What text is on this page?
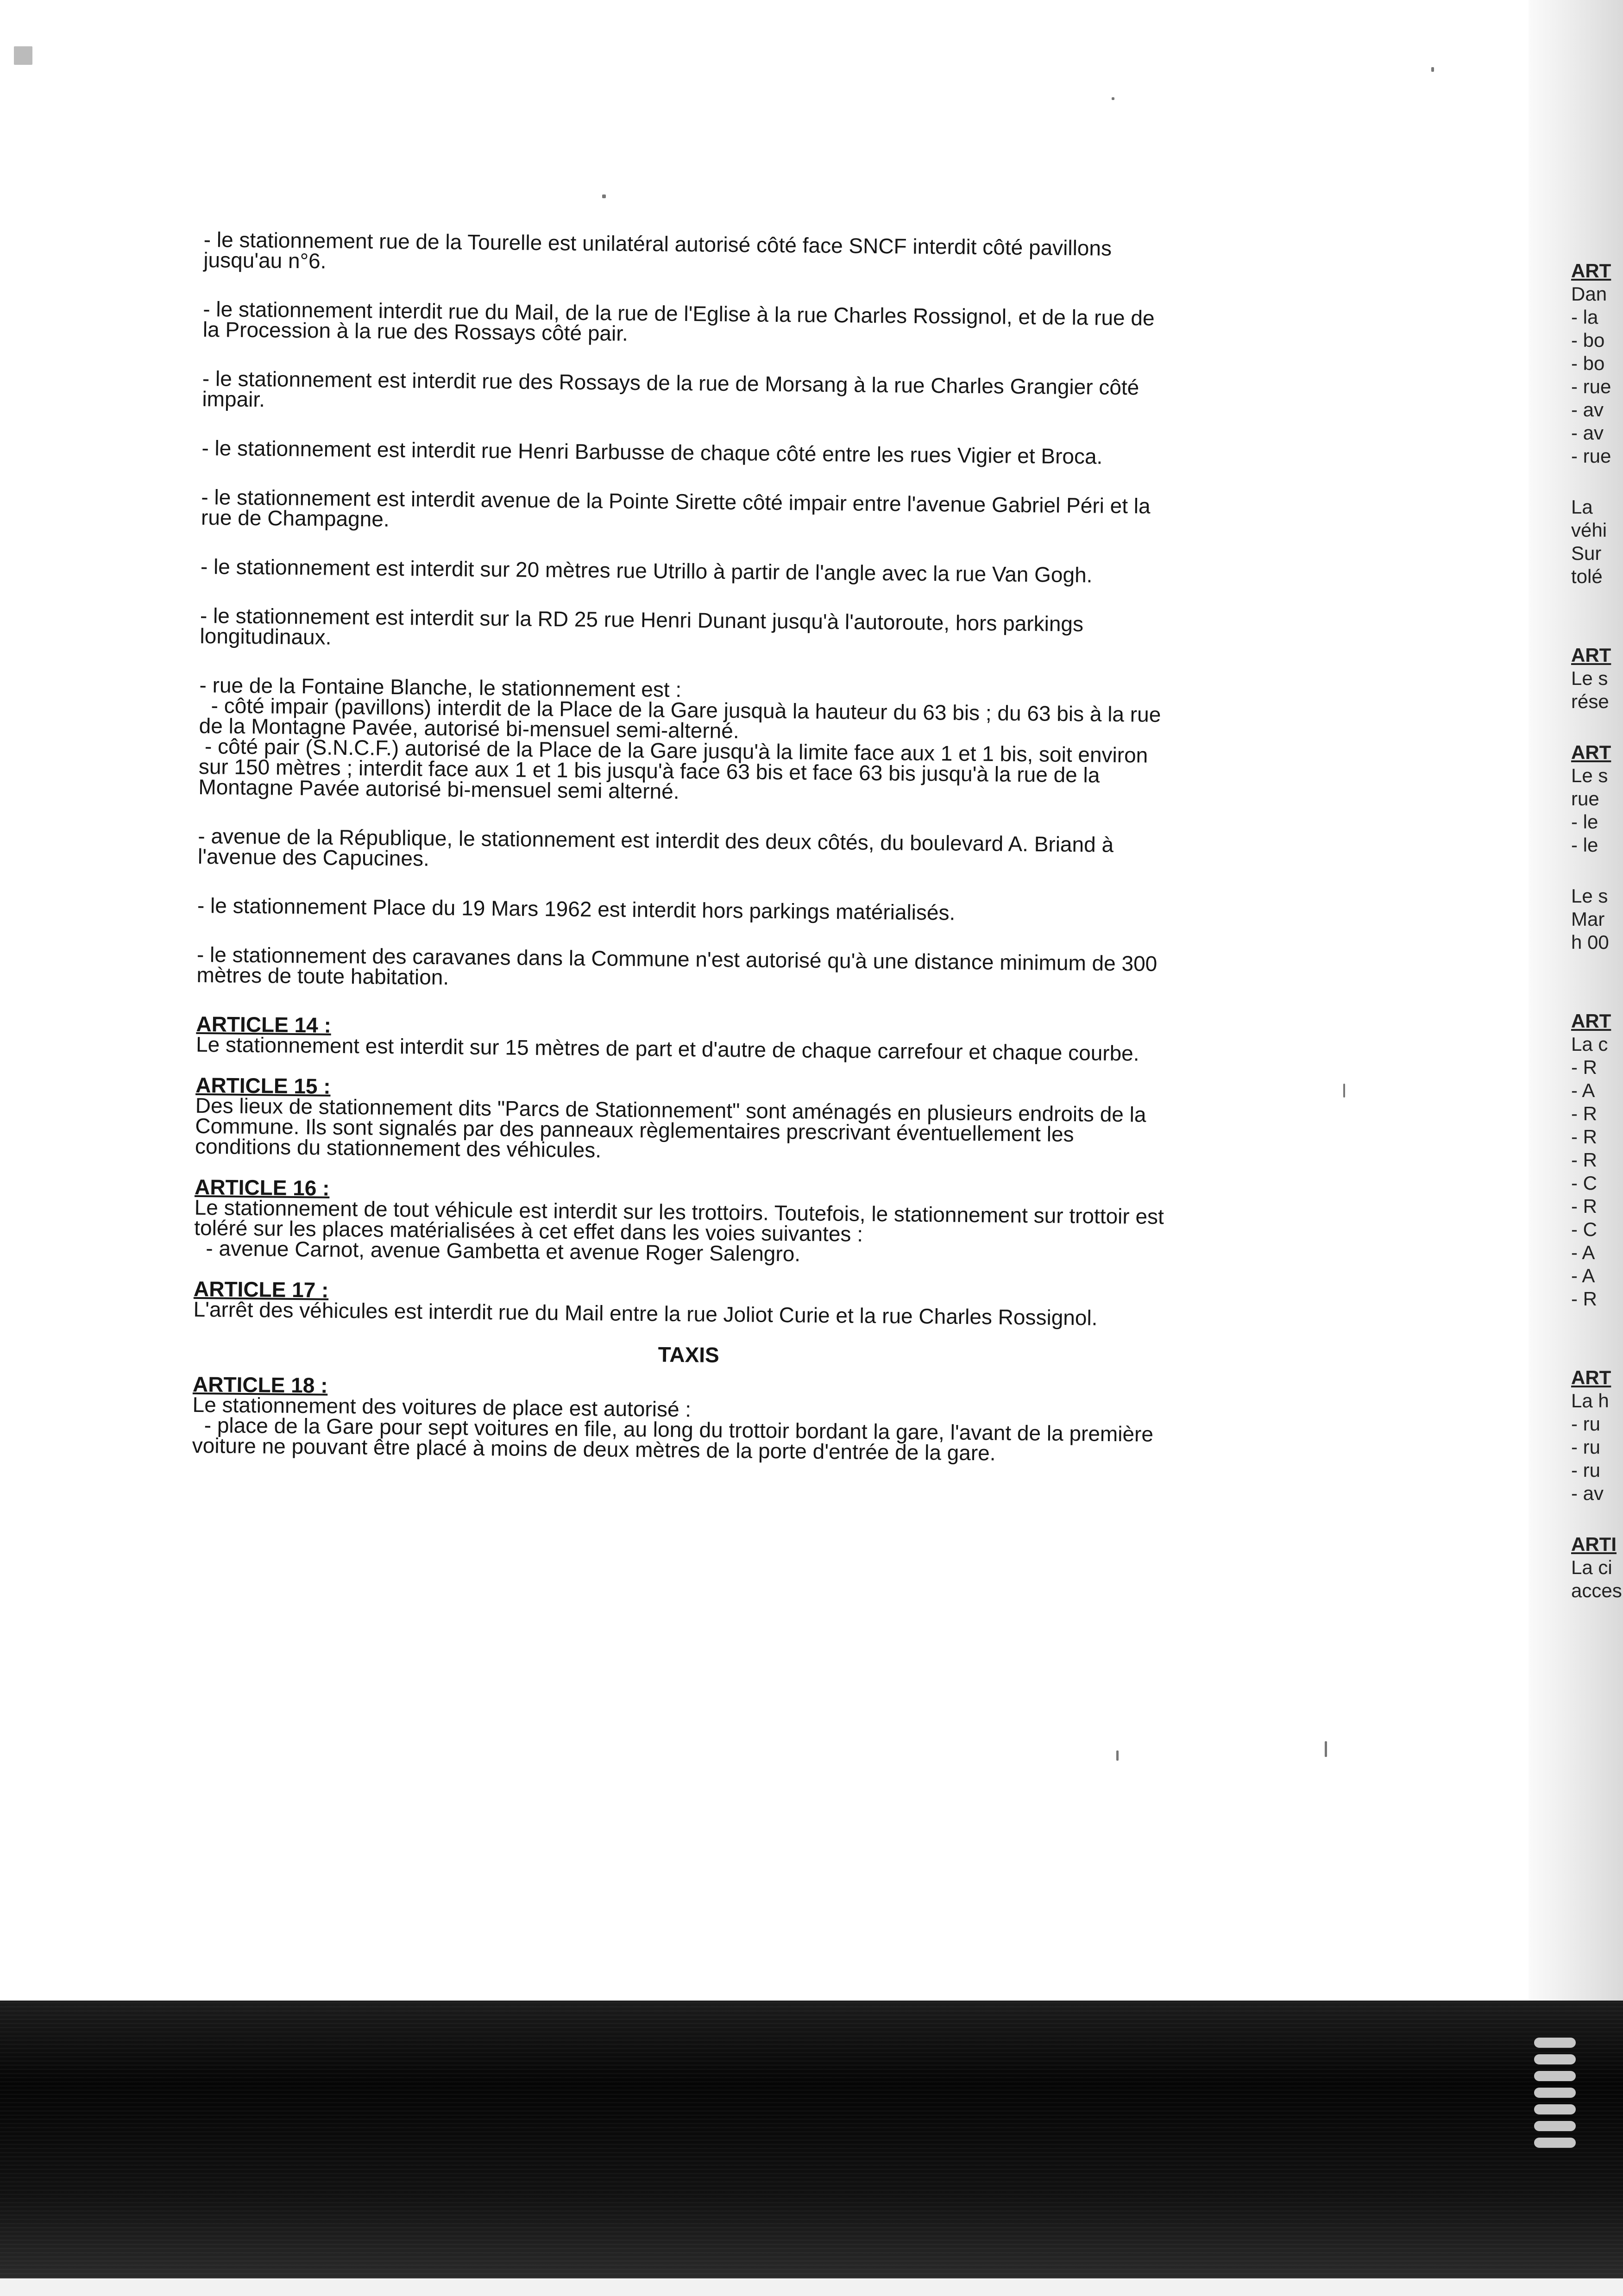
- le stationnement rue de la Tourelle est unilatéral autorisé côté face SNCF interdit côté pavillons jusqu'au n°6.
- le stationnement interdit rue du Mail, de la rue de l'Eglise à la rue Charles Rossignol, et de la rue de la Procession à la rue des Rossays côté pair.
- le stationnement est interdit rue des Rossays de la rue de Morsang à la rue Charles Grangier côté impair.
- le stationnement est interdit rue Henri Barbusse de chaque côté entre les rues Vigier et Broca.
- le stationnement est interdit avenue de la Pointe Sirette côté impair entre l'avenue Gabriel Péri et la rue de Champagne.
- le stationnement est interdit sur 20 mètres rue Utrillo à partir de l'angle avec la rue Van Gogh.
- le stationnement est interdit sur la RD 25 rue Henri Dunant jusqu'à l'autoroute, hors parkings longitudinaux.
- rue de la Fontaine Blanche, le stationnement est :
- côté impair (pavillons) interdit de la Place de la Gare jusquà la hauteur du 63 bis ; du 63 bis à la rue de la Montagne Pavée, autorisé bi-mensuel semi-alterné.
- côté pair (S.N.C.F.) autorisé de la Place de la Gare jusqu'à la limite face aux 1 et 1 bis, soit environ sur 150 mètres ; interdit face aux 1 et 1 bis jusqu'à face 63 bis et face 63 bis jusqu'à la rue de la Montagne Pavée autorisé bi-mensuel semi alterné.
- avenue de la République, le stationnement est interdit des deux côtés, du boulevard A. Briand à l'avenue des Capucines.
- le stationnement Place du 19 Mars 1962 est interdit hors parkings matérialisés.
- le stationnement des caravanes dans la Commune n'est autorisé qu'à une distance minimum de 300 mètres de toute habitation.
ARTICLE 14 :
Le stationnement est interdit sur 15 mètres de part et d'autre de chaque carrefour et chaque courbe.
ARTICLE 15 :
Des lieux de stationnement dits "Parcs de Stationnement" sont aménagés en plusieurs endroits de la Commune. Ils sont signalés par des panneaux règlementaires prescrivant éventuellement les conditions du stationnement des véhicules.
ARTICLE 16 :
Le stationnement de tout véhicule est interdit sur les trottoirs. Toutefois, le stationnement sur trottoir est toléré sur les places matérialisées à cet effet dans les voies suivantes :
- avenue Carnot, avenue Gambetta et avenue Roger Salengro.
ARTICLE 17 :
L'arrêt des véhicules est interdit rue du Mail entre la rue Joliot Curie et la rue Charles Rossignol.
TAXIS
ARTICLE 18 :
Le stationnement des voitures de place est autorisé :
- place de la Gare pour sept voitures en file, au long du trottoir bordant la gare, l'avant de la première voiture ne pouvant être placé à moins de deux mètres de la porte d'entrée de la gare.
ART
Dan
- la
- bo
- bo
- rue
- av
- av
- rue
La
véhi
Sur
tolé
ART
Le s
rése
ART
Le s
rue
- le
- le
Le s
Mar
h 00
ART
La c
- R
- A
- R
- R
- R
- C
- R
- C
- A
- A
- R
ART
La h
- ru
- ru
- ru
- av
ARTI
La ci
acces
